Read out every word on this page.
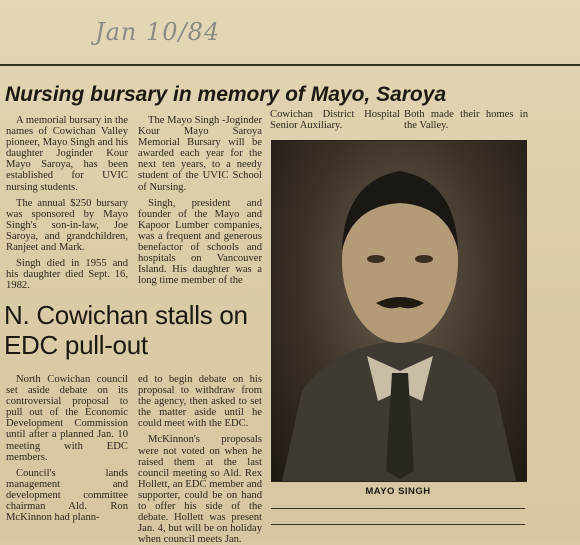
Jan 10/84
Nursing bursary in memory of Mayo, Saroya

A memorial bursary in the names of Cowichan Valley pioneer, Mayo Singh and his daughter Joginder Kour Mayo Saroya, has been established for UVIC nursing students.

The annual $250 bursary was sponsored by Mayo Singh's son-in-law, Joe Saroya, and grandchildren, Ranjeet and Mark.

Singh died in 1955 and his daughter died Sept. 16, 1982.

The Mayo Singh -Joginder Kour Mayo Saroya Memorial Bursary will be awarded each year for the next ten years, to a needy student of the UVIC School of Nursing.

Singh, president and founder of the Mayo and Kapoor Lumber companies, was a frequent and generous benefactor of schools and hospitals on Vancouver Island. His daughter was a long time member of the

Cowichan District Hospital Senior Auxiliary.

Both made their homes in the Valley.

MAYO SINGH
N. Cowichan stalls on EDC pull-out

North Cowichan council set aside debate on its controversial proposal to pull out of the Economic Development Commission until after a planned Jan. 10 meeting with EDC members.

Council's lands management and development committee chairman Ald. Ron McKinnon had plann-

ed to begin debate on his proposal to withdraw from the agency, then asked to set the matter aside until he could meet with the EDC.

McKinnon's proposals were not voted on when he raised them at the last council meeting so Ald. Rex Hollett, an EDC member and supporter, could be on hand to offer his side of the debate. Hollett was present Jan. 4, but will be on holiday when council meets Jan.
